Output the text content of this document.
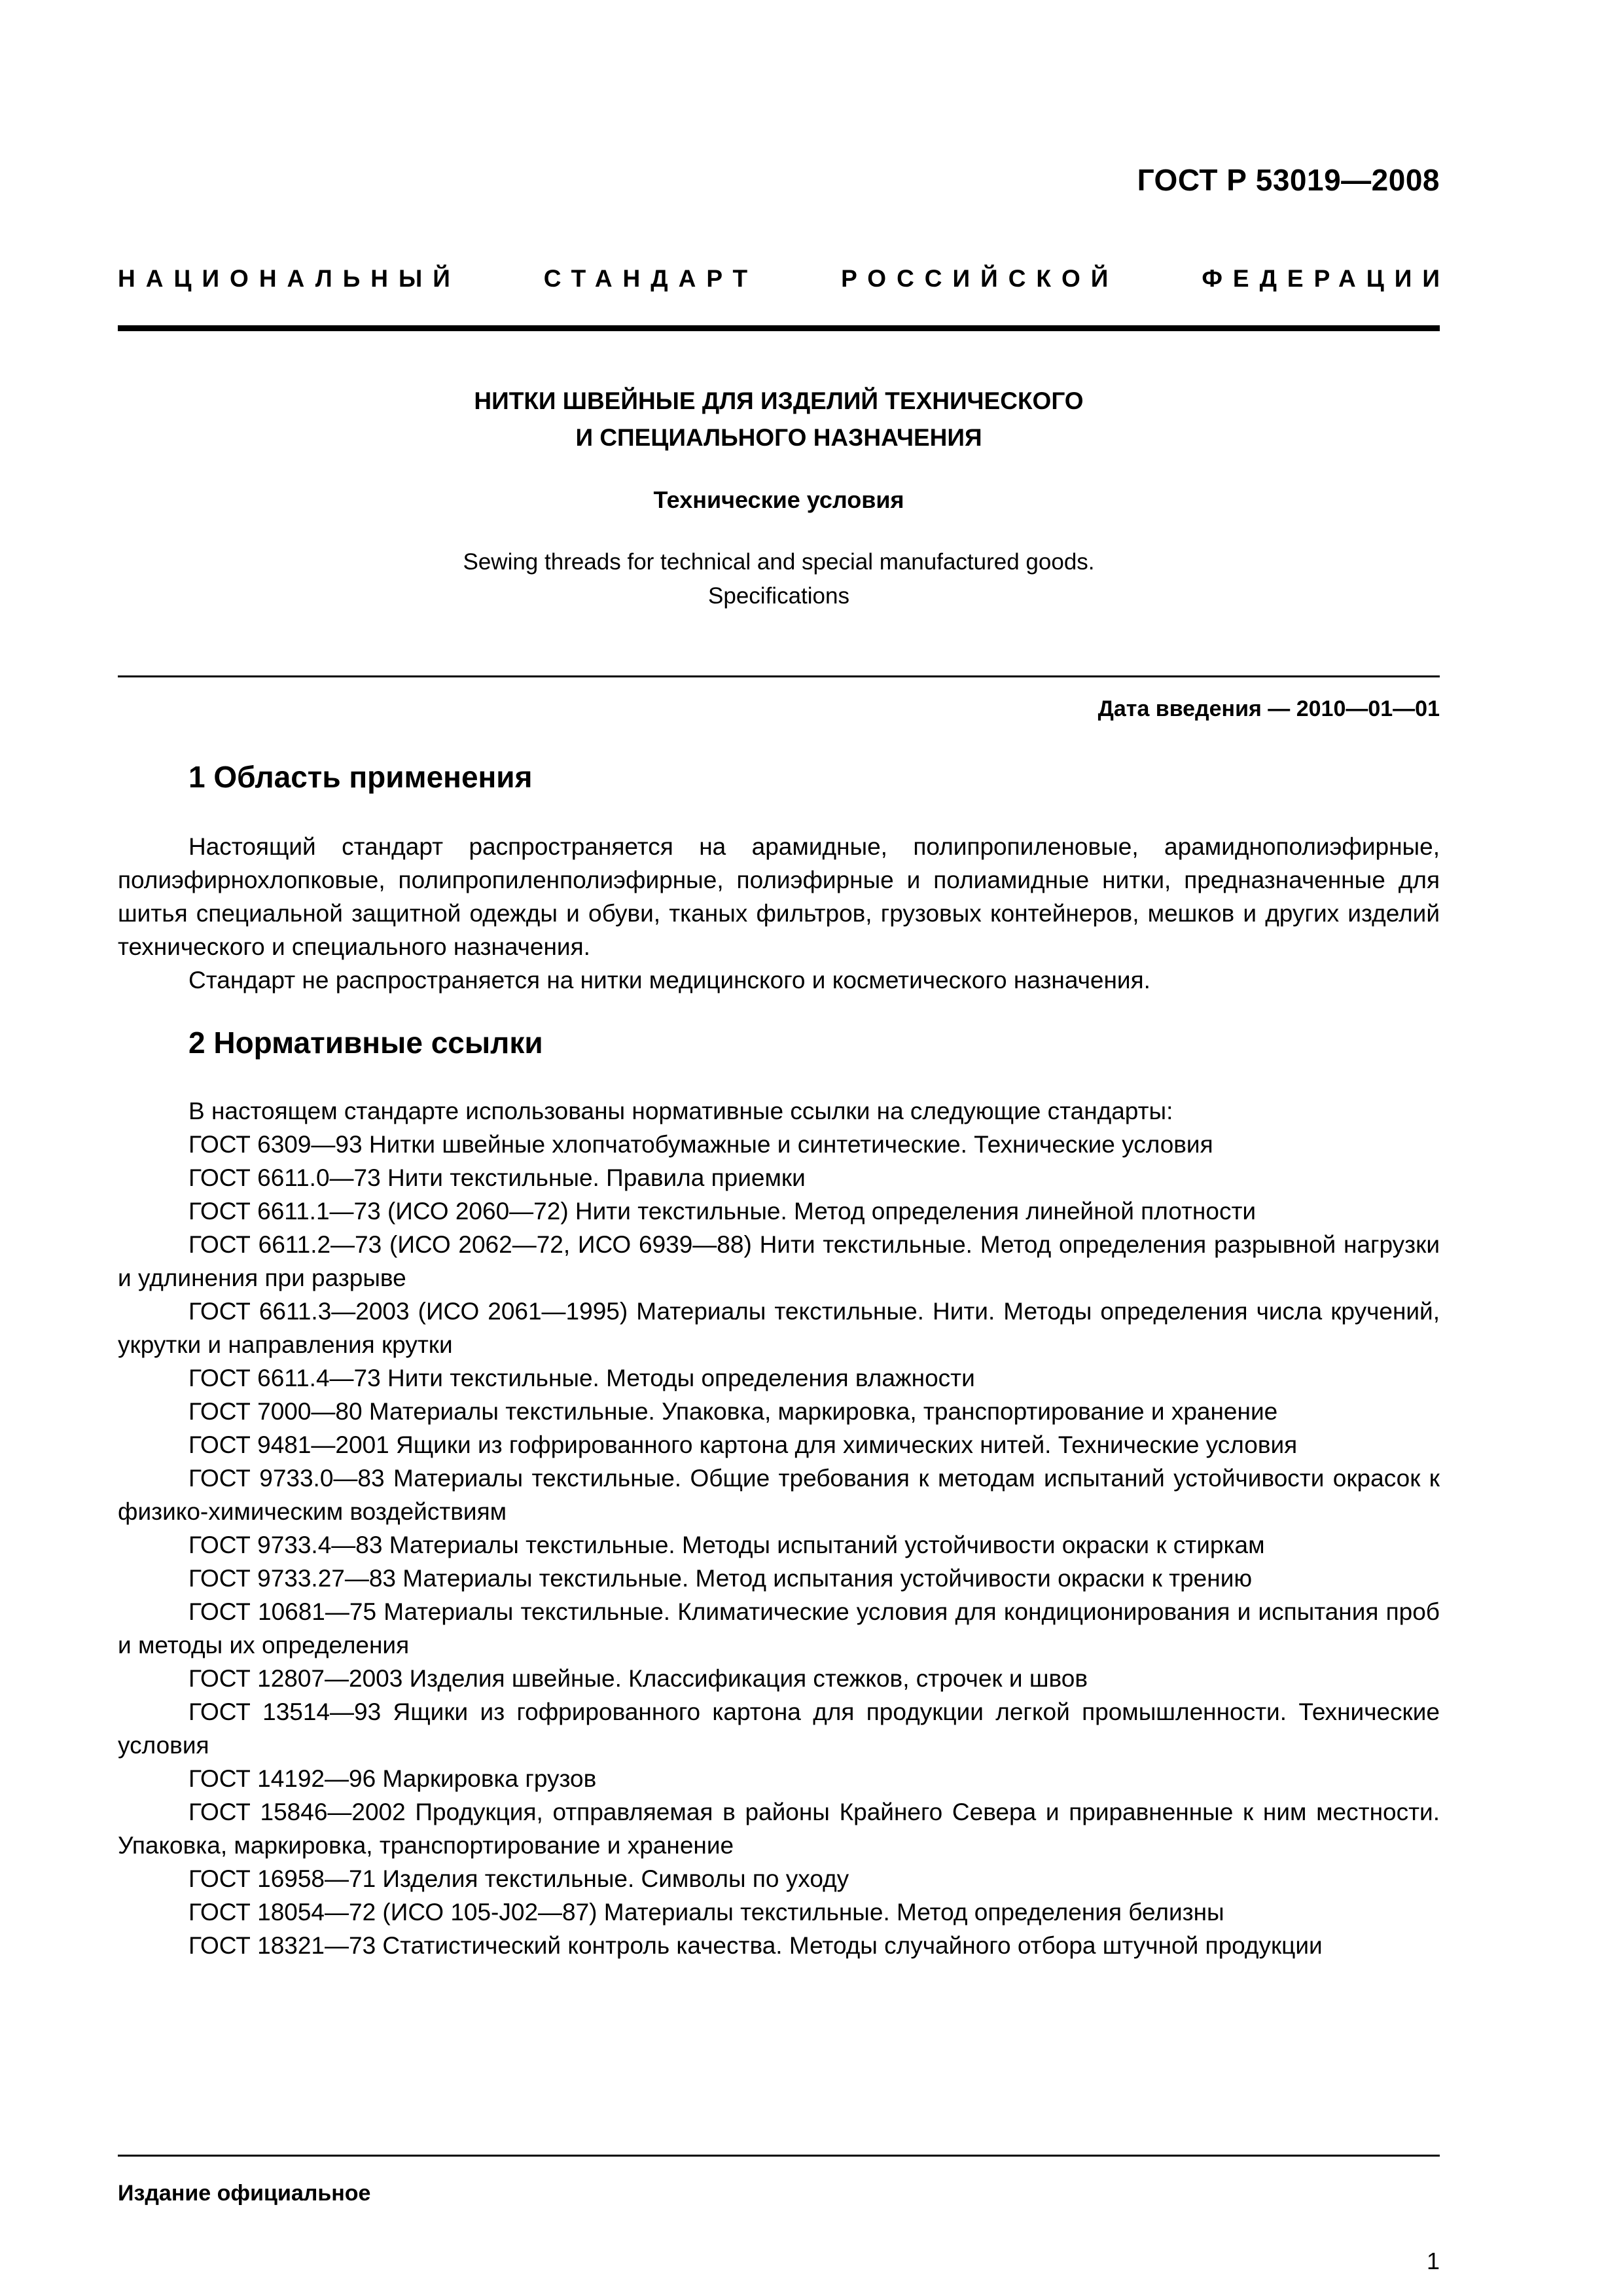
ГОСТ Р 53019—2008
НАЦИОНАЛЬНЫЙ	СТАНДАРТ	РОССИЙСКОЙ	ФЕДЕРАЦИИ
НИТКИ ШВЕЙНЫЕ ДЛЯ ИЗДЕЛИЙ ТЕХНИЧЕСКОГО
И СПЕЦИАЛЬНОГО НАЗНАЧЕНИЯ
Технические условия
Sewing threads for technical and special manufactured goods.
Specifications
Дата введения — 2010—01—01
1 Область применения

Настоящий стандарт распространяется на арамидные, полипропиленовые, арамиднополиэфирные, полиэфирнохлопковые, полипропиленполиэфирные, полиэфирные и полиамидные нитки, предназначенные для шитья специальной защитной одежды и обуви, тканых фильтров, грузовых контейнеров, мешков и других изделий технического и специального назначения.

Стандарт не распространяется на нитки медицинского и косметического назначения.

2 Нормативные ссылки

В настоящем стандарте использованы нормативные ссылки на следующие стандарты:

ГОСТ 6309—93 Нитки швейные хлопчатобумажные и синтетические. Технические условия

ГОСТ 6611.0—73 Нити текстильные. Правила приемки

ГОСТ 6611.1—73 (ИСО 2060—72) Нити текстильные. Метод определения линейной плотности

ГОСТ 6611.2—73 (ИСО 2062—72, ИСО 6939—88) Нити текстильные. Метод определения разрывной нагрузки и удлинения при разрыве

ГОСТ 6611.3—2003 (ИСО 2061—1995) Материалы текстильные. Нити. Методы определения числа кручений, укрутки и направления крутки

ГОСТ 6611.4—73 Нити текстильные. Методы определения влажности

ГОСТ 7000—80 Материалы текстильные. Упаковка, маркировка, транспортирование и хранение

ГОСТ 9481—2001 Ящики из гофрированного картона для химических нитей. Технические условия

ГОСТ 9733.0—83 Материалы текстильные. Общие требования к методам испытаний устойчивости окрасок к физико-химическим воздействиям

ГОСТ 9733.4—83 Материалы текстильные. Методы испытаний устойчивости окраски к стиркам

ГОСТ 9733.27—83 Материалы текстильные. Метод испытания устойчивости окраски к трению

ГОСТ 10681—75 Материалы текстильные. Климатические условия для кондиционирования и испытания проб и методы их определения

ГОСТ 12807—2003 Изделия швейные. Классификация стежков, строчек и швов

ГОСТ 13514—93 Ящики из гофрированного картона для продукции легкой промышленности. Технические условия

ГОСТ 14192—96 Маркировка грузов

ГОСТ 15846—2002 Продукция, отправляемая в районы Крайнего Севера и приравненные к ним местности. Упаковка, маркировка, транспортирование и хранение

ГОСТ 16958—71 Изделия текстильные. Символы по уходу

ГОСТ 18054—72 (ИСО 105-J02—87) Материалы текстильные. Метод определения белизны

ГОСТ 18321—73 Статистический контроль качества. Методы случайного отбора штучной продукции

Издание официальное
1
